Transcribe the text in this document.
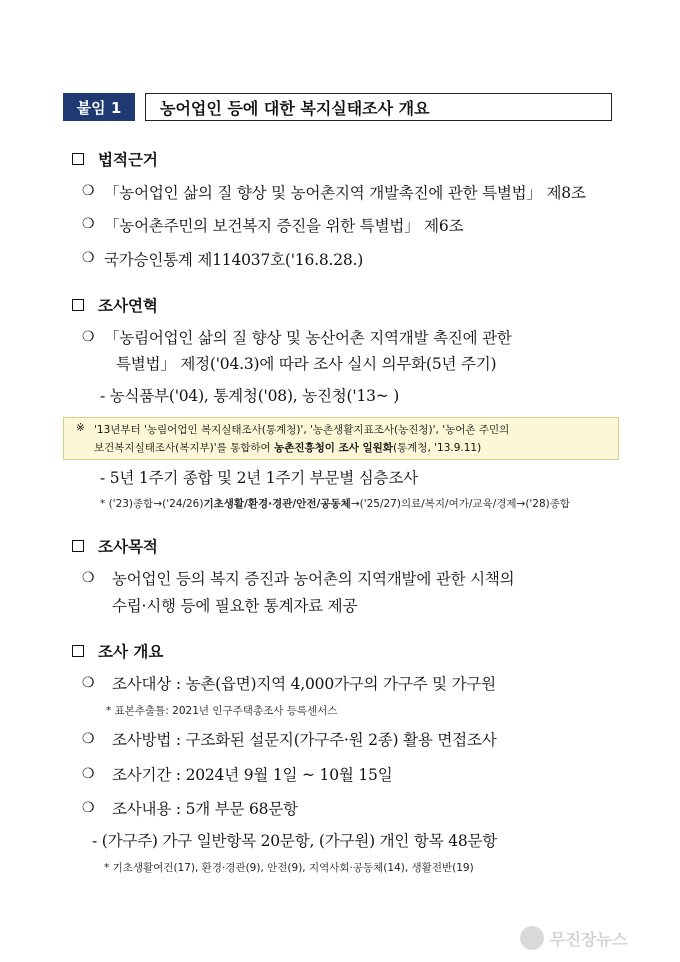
붙임 1	농어업인 등에 대한 복지실태조사 개요
법적근거
❍ 「농어업인 삶의 질 향상 및 농어촌지역 개발촉진에 관한 특별법」 제8조
❍ 「농어촌주민의 보건복지 증진을 위한 특별법」 제6조
❍ 국가승인통계 제114037호('16.8.28.)
조사연혁
❍ 「농림어업인 삶의 질 향상 및 농산어촌 지역개발 촉진에 관한
특별법」 제정('04.3)에 따라 조사 실시 의무화(5년 주기)
- 농식품부('04), 통계청('08), 농진청('13~ )
※ '13년부터 '농림어업인 복지실태조사(통계청)', '농촌생활지표조사(농진청)', '농어촌 주민의
보건복지실태조사(복지부)'를 통합하여 농촌진흥청이 조사 일원화(통계청, '13.9.11)
- 5년 1주기 종합 및 2년 1주기 부문별 심층조사
* ('23)종합→('24/26)기초생활/환경·경관/안전/공동체→('25/27)의료/복지/여가/교육/경제→('28)종합
조사목적
❍ 농어업인 등의 복지 증진과 농어촌의 지역개발에 관한 시책의
수립·시행 등에 필요한 통계자료 제공
조사 개요
❍ 조사대상 : 농촌(읍면)지역 4,000가구의 가구주 및 가구원
* 표본추출틀: 2021년 인구주택총조사 등록센서스
❍ 조사방법 : 구조화된 설문지(가구주·원 2종) 활용 면접조사
❍ 조사기간 : 2024년 9월 1일 ~ 10월 15일
❍ 조사내용 : 5개 부문 68문항
- (가구주) 가구 일반항목 20문항, (가구원) 개인 항목 48문항
* 기초생활여건(17), 환경·경관(9), 안전(9), 지역사회·공동체(14), 생활전반(19)
무진장뉴스
